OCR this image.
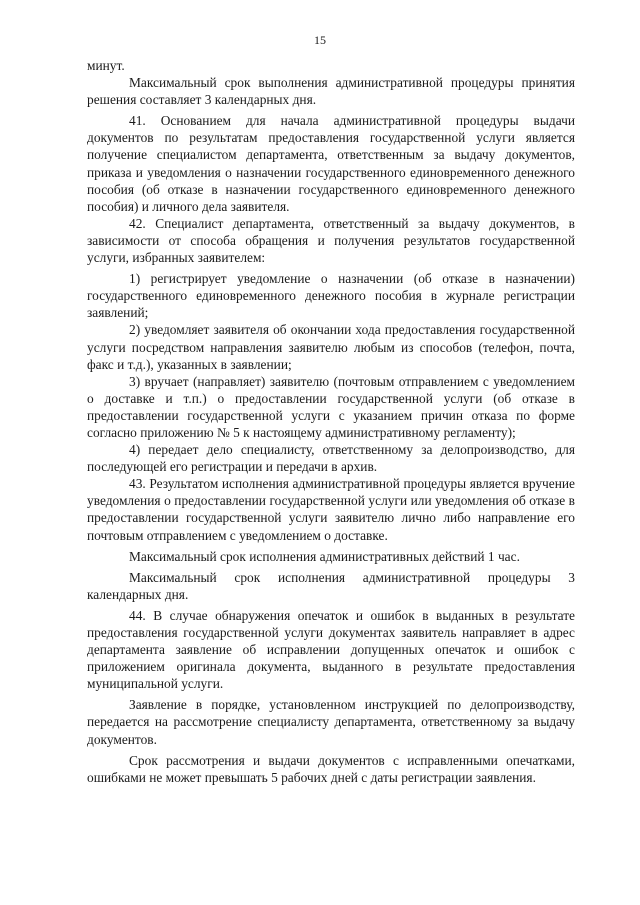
15

минут.

Максимальный срок выполнения административной процедуры принятия решения составляет 3 календарных дня.

41. Основанием для начала административной процедуры выдачи документов по результатам предоставления государственной услуги является получение специалистом департамента, ответственным за выдачу документов, приказа и уведомления о назначении государственного единовременного денежного пособия (об отказе в назначении государственного единовременного денежного пособия) и личного дела заявителя.

42. Специалист департамента, ответственный за выдачу документов, в зависимости от способа обращения и получения результатов государственной услуги, избранных заявителем:

1) регистрирует уведомление о назначении (об отказе в назначении) государственного единовременного денежного пособия в журнале регистрации заявлений;

2) уведомляет заявителя об окончании хода предоставления государственной услуги посредством направления заявителю любым из способов (телефон, почта, факс и т.д.), указанных в заявлении;

3) вручает (направляет) заявителю (почтовым отправлением с уведомлением о доставке и т.п.) о предоставлении государственной услуги (об отказе в предоставлении государственной услуги с указанием причин отказа по форме согласно приложению № 5 к настоящему административному регламенту);

4) передает дело специалисту, ответственному за делопроизводство, для последующей его регистрации и передачи в архив.

43. Результатом исполнения административной процедуры является вручение уведомления о предоставлении государственной услуги или уведомления об отказе в предоставлении государственной услуги заявителю лично либо направление его почтовым отправлением с уведомлением о доставке.

Максимальный срок исполнения административных действий 1 час.

Максимальный срок исполнения административной процедуры 3 календарных дня.

44. В случае обнаружения опечаток и ошибок в выданных в результате предоставления государственной услуги документах заявитель направляет в адрес департамента заявление об исправлении допущенных опечаток и ошибок с приложением оригинала документа, выданного в результате предоставления муниципальной услуги.

Заявление в порядке, установленном инструкцией по делопроизводству, передается на рассмотрение специалисту департамента, ответственному за выдачу документов.

Срок рассмотрения и выдачи документов с исправленными опечатками, ошибками не может превышать 5 рабочих дней с даты регистрации заявления.
